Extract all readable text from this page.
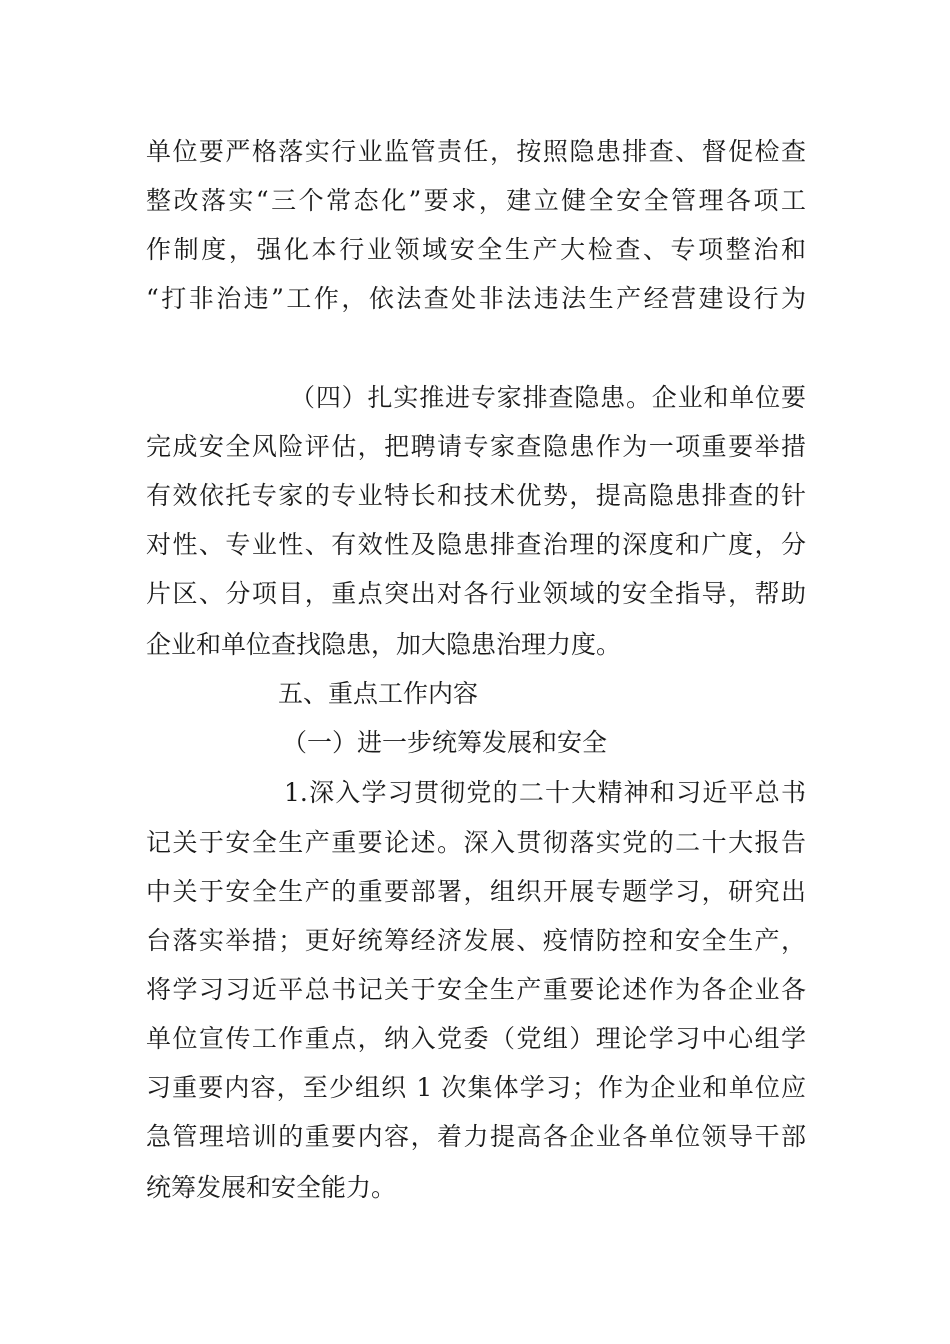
单位要严格落实行业监管责任，按照隐患排查、督促检查
整改落实“三个常态化”要求，建立健全安全管理各项工
作制度，强化本行业领域安全生产大检查、专项整治和
“打非治违”工作，依法查处非法违法生产经营建设行为
（四）扎实推进专家排查隐患。企业和单位要
完成安全风险评估，把聘请专家查隐患作为一项重要举措
有效依托专家的专业特长和技术优势，提高隐患排查的针
对性、专业性、有效性及隐患排查治理的深度和广度，分
片区、分项目，重点突出对各行业领域的安全指导，帮助
企业和单位查找隐患，加大隐患治理力度。
五、重点工作内容
（一）进一步统筹发展和安全
1.深入学习贯彻党的二十大精神和习近平总书
记关于安全生产重要论述。深入贯彻落实党的二十大报告
中关于安全生产的重要部署，组织开展专题学习，研究出
台落实举措；更好统筹经济发展、疫情防控和安全生产，
将学习习近平总书记关于安全生产重要论述作为各企业各
单位宣传工作重点，纳入党委（党组）理论学习中心组学
习重要内容，至少组织 1 次集体学习；作为企业和单位应
急管理培训的重要内容，着力提高各企业各单位领导干部
统筹发展和安全能力。
